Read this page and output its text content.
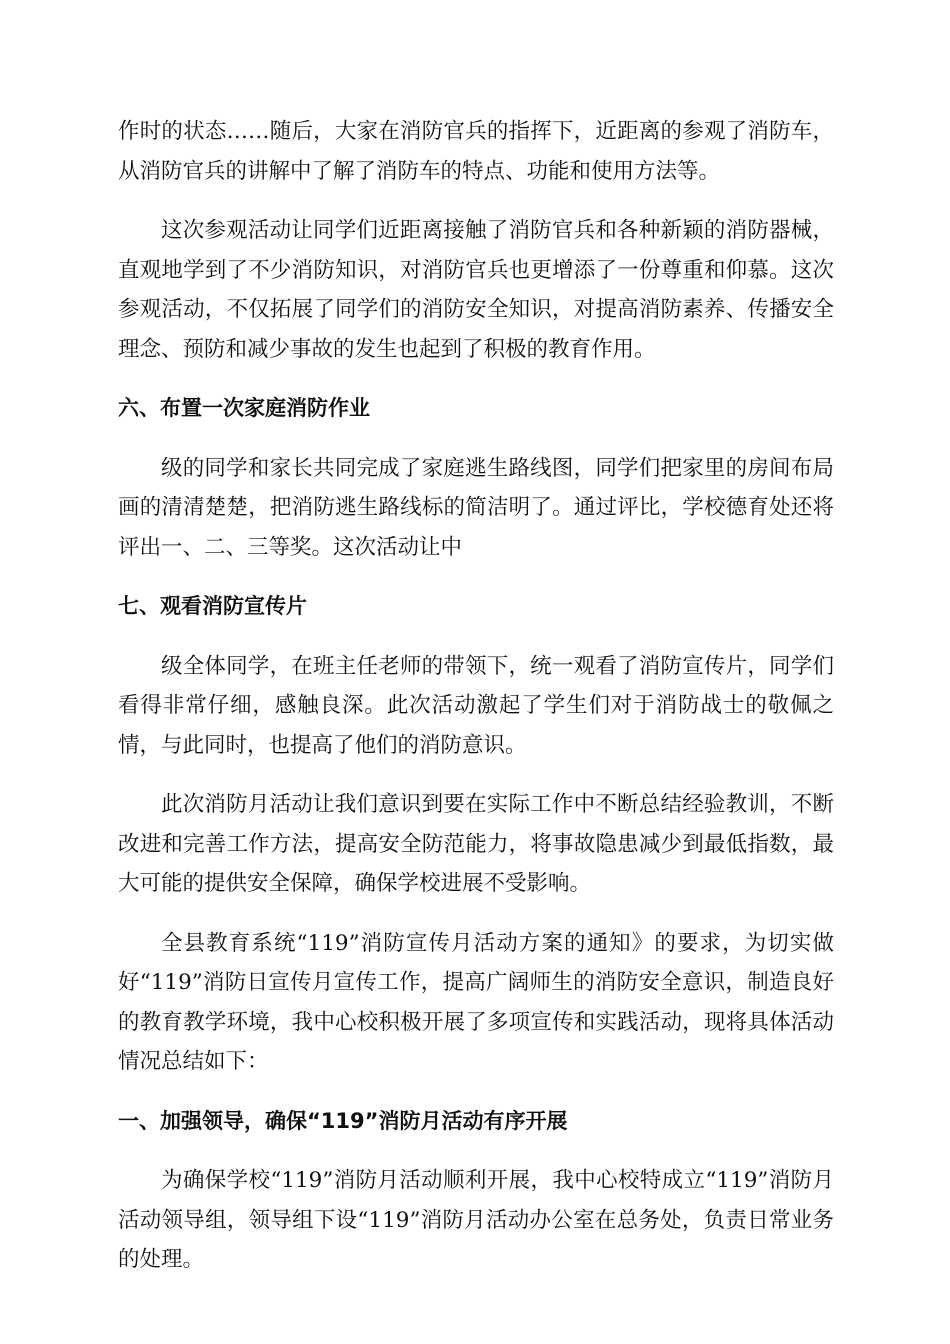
作时的状态……随后，大家在消防官兵的指挥下，近距离的参观了消防车，从消防官兵的讲解中了解了消防车的特点、功能和使用方法等。

这次参观活动让同学们近距离接触了消防官兵和各种新颖的消防器械，直观地学到了不少消防知识，对消防官兵也更增添了一份尊重和仰慕。这次参观活动，不仅拓展了同学们的消防安全知识，对提高消防素养、传播安全理念、预防和减少事故的发生也起到了积极的教育作用。

六、布置一次家庭消防作业

级的同学和家长共同完成了家庭逃生路线图，同学们把家里的房间布局画的清清楚楚，把消防逃生路线标的简洁明了。通过评比，学校德育处还将评出一、二、三等奖。这次活动让中

七、观看消防宣传片

级全体同学，在班主任老师的带领下，统一观看了消防宣传片，同学们看得非常仔细，感触良深。此次活动激起了学生们对于消防战士的敬佩之情，与此同时，也提高了他们的消防意识。

此次消防月活动让我们意识到要在实际工作中不断总结经验教训，不断改进和完善工作方法，提高安全防范能力，将事故隐患减少到最低指数，最大可能的提供安全保障，确保学校进展不受影响。

全县教育系统“119”消防宣传月活动方案的通知》的要求，为切实做好“119”消防日宣传月宣传工作，提高广阔师生的消防安全意识，制造良好的教育教学环境，我中心校积极开展了多项宣传和实践活动，现将具体活动情况总结如下：

一、加强领导，确保“119”消防月活动有序开展

为确保学校“119”消防月活动顺利开展，我中心校特成立“119”消防月活动领导组，领导组下设“119”消防月活动办公室在总务处，负责日常业务的处理。
